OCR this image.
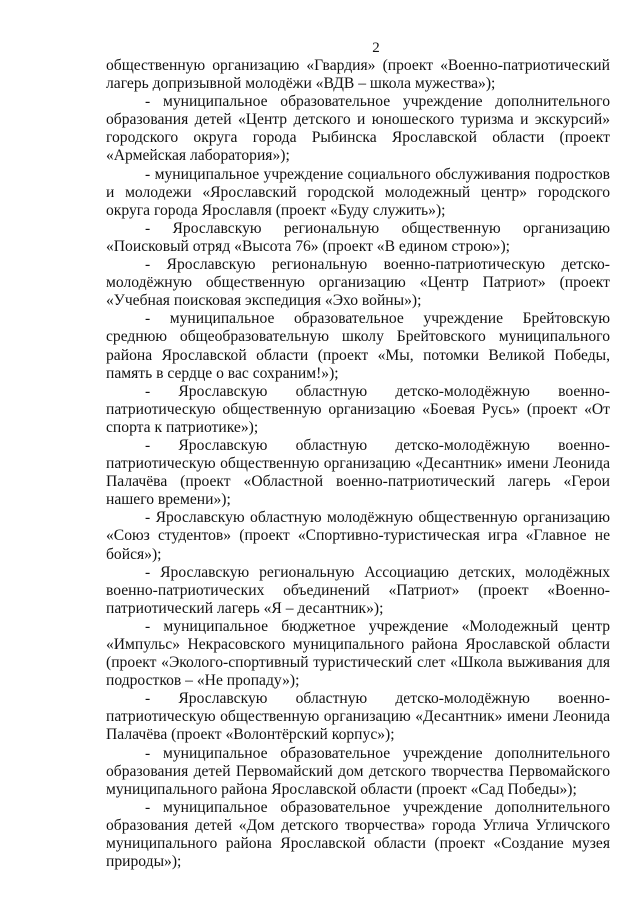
2

общественную организацию «Гвардия» (проект «Военно-патриотический лагерь допризывной молодёжи «ВДВ – школа мужества»);

- муниципальное образовательное учреждение дополнительного образования детей «Центр детского и юношеского туризма и экскурсий» городского округа города Рыбинска Ярославской области (проект «Армейская лаборатория»);

- муниципальное учреждение социального обслуживания подростков и молодежи «Ярославский городской молодежный центр» городского округа города Ярославля (проект «Буду служить»);

- Ярославскую региональную общественную организацию «Поисковый отряд «Высота 76» (проект «В едином строю»);

- Ярославскую региональную военно-патриотическую детско-молодёжную общественную организацию «Центр Патриот» (проект «Учебная поисковая экспедиция «Эхо войны»);

- муниципальное образовательное учреждение Брейтовскую среднюю общеобразовательную школу Брейтовского муниципального района Ярославской области (проект «Мы, потомки Великой Победы, память в сердце о вас сохраним!»);

- Ярославскую областную детско-молодёжную военно-патриотическую общественную организацию «Боевая Русь» (проект «От спорта к патриотике»);

- Ярославскую областную детско-молодёжную военно-патриотическую общественную организацию «Десантник» имени Леонида Палачёва (проект «Областной военно-патриотический лагерь «Герои нашего времени»);

- Ярославскую областную молодёжную общественную организацию «Союз студентов» (проект «Спортивно-туристическая игра «Главное не бойся»);

- Ярославскую региональную Ассоциацию детских, молодёжных военно-патриотических объединений «Патриот» (проект «Военно-патриотический лагерь «Я – десантник»);

- муниципальное бюджетное учреждение «Молодежный центр «Импульс» Некрасовского муниципального района Ярославской области (проект «Эколого-спортивный туристический слет «Школа выживания для подростков – «Не пропаду»);

- Ярославскую областную детско-молодёжную военно-патриотическую общественную организацию «Десантник» имени Леонида Палачёва (проект «Волонтёрский корпус»);

- муниципальное образовательное учреждение дополнительного образования детей Первомайский дом детского творчества Первомайского муниципального района Ярославской области (проект «Сад Победы»);

- муниципальное образовательное учреждение дополнительного образования детей «Дом детского творчества» города Углича Угличского муниципального района Ярославской области (проект «Создание музея природы»);
